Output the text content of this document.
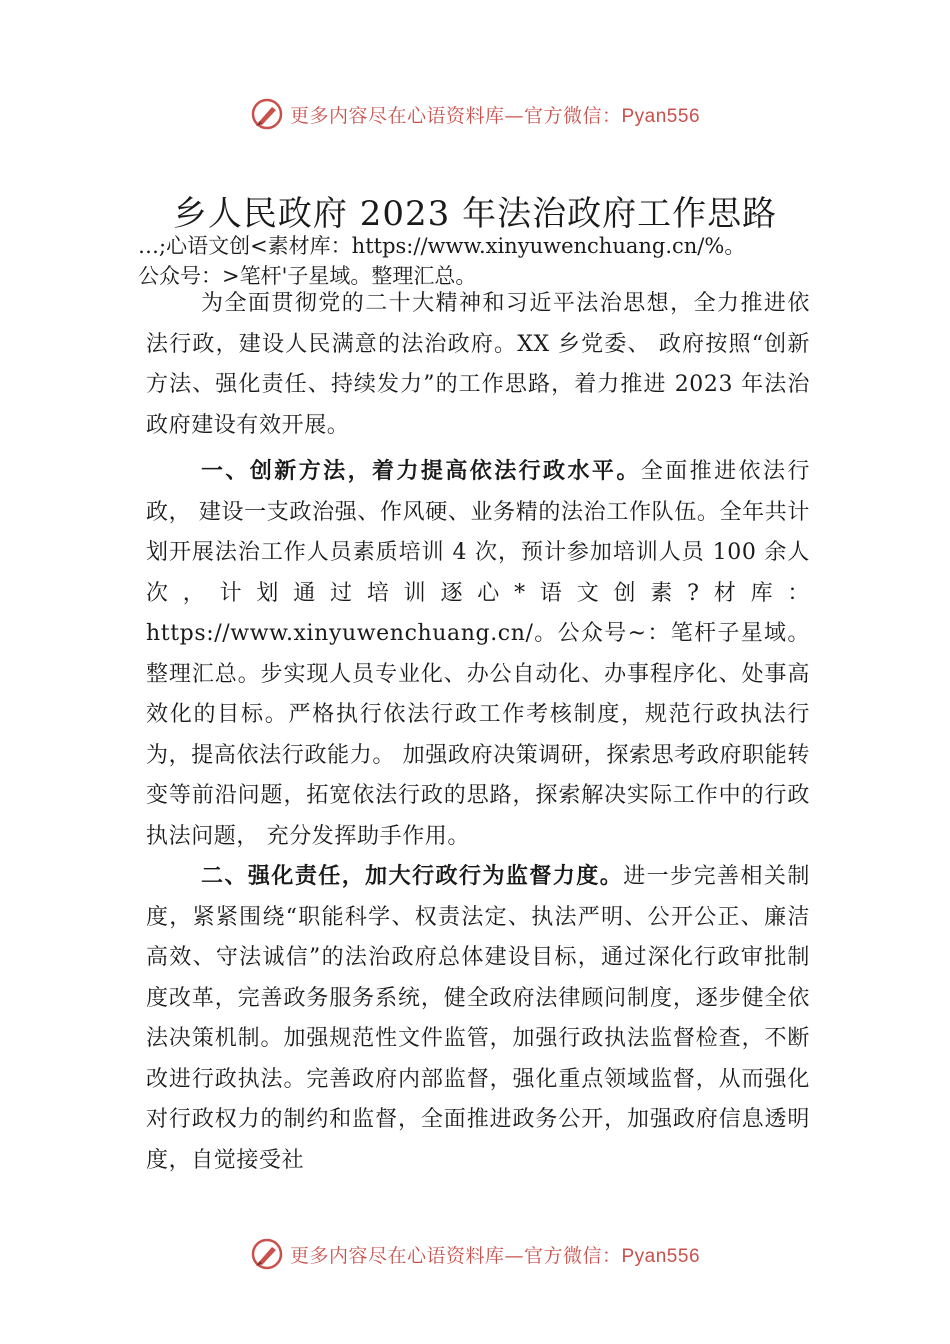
更多内容尽在心语资料库—官方微信：Pyan556
乡人民政府 2023 年法治政府工作思路

…;心语文创<素材库：https://www.xinyuwenchuang.cn/%。

公众号：>笔杆'子星域。整理汇总。

为全面贯彻党的二十大精神和习近平法治思想，全力推进依法行政，建设人民满意的法治政府。XX 乡党委、 政府按照“创新方法、强化责任、持续发力”的工作思路，着力推进 2023 年法治政府建设有效开展。

一、创新方法，着力提高依法行政水平。全面推进依法行政， 建设一支政治强、作风硬、业务精的法治工作队伍。全年共计划开展法治工作人员素质培训 4 次，预计参加培训人员 100 余人次，计划通过培训逐心*语文创素?材库：https://www.xinyuwenchuang.cn/。公众号~：笔杆子星域。整理汇总。步实现人员专业化、办公自动化、办事程序化、处事高效化的目标。严格执行依法行政工作考核制度，规范行政执法行为，提高依法行政能力。 加强政府决策调研，探索思考政府职能转变等前沿问题，拓宽依法行政的思路，探索解决实际工作中的行政执法问题， 充分发挥助手作用。

二、强化责任，加大行政行为监督力度。进一步完善相关制度，紧紧围绕“职能科学、权责法定、执法严明、公开公正、廉洁高效、守法诚信”的法治政府总体建设目标，通过深化行政审批制度改革，完善政务服务系统，健全政府法律顾问制度，逐步健全依法决策机制。加强规范性文件监管，加强行政执法监督检查，不断改进行政执法。完善政府内部监督，强化重点领域监督，从而强化对行政权力的制约和监督，全面推进政务公开，加强政府信息透明度，自觉接受社

更多内容尽在心语资料库—官方微信：Pyan556
